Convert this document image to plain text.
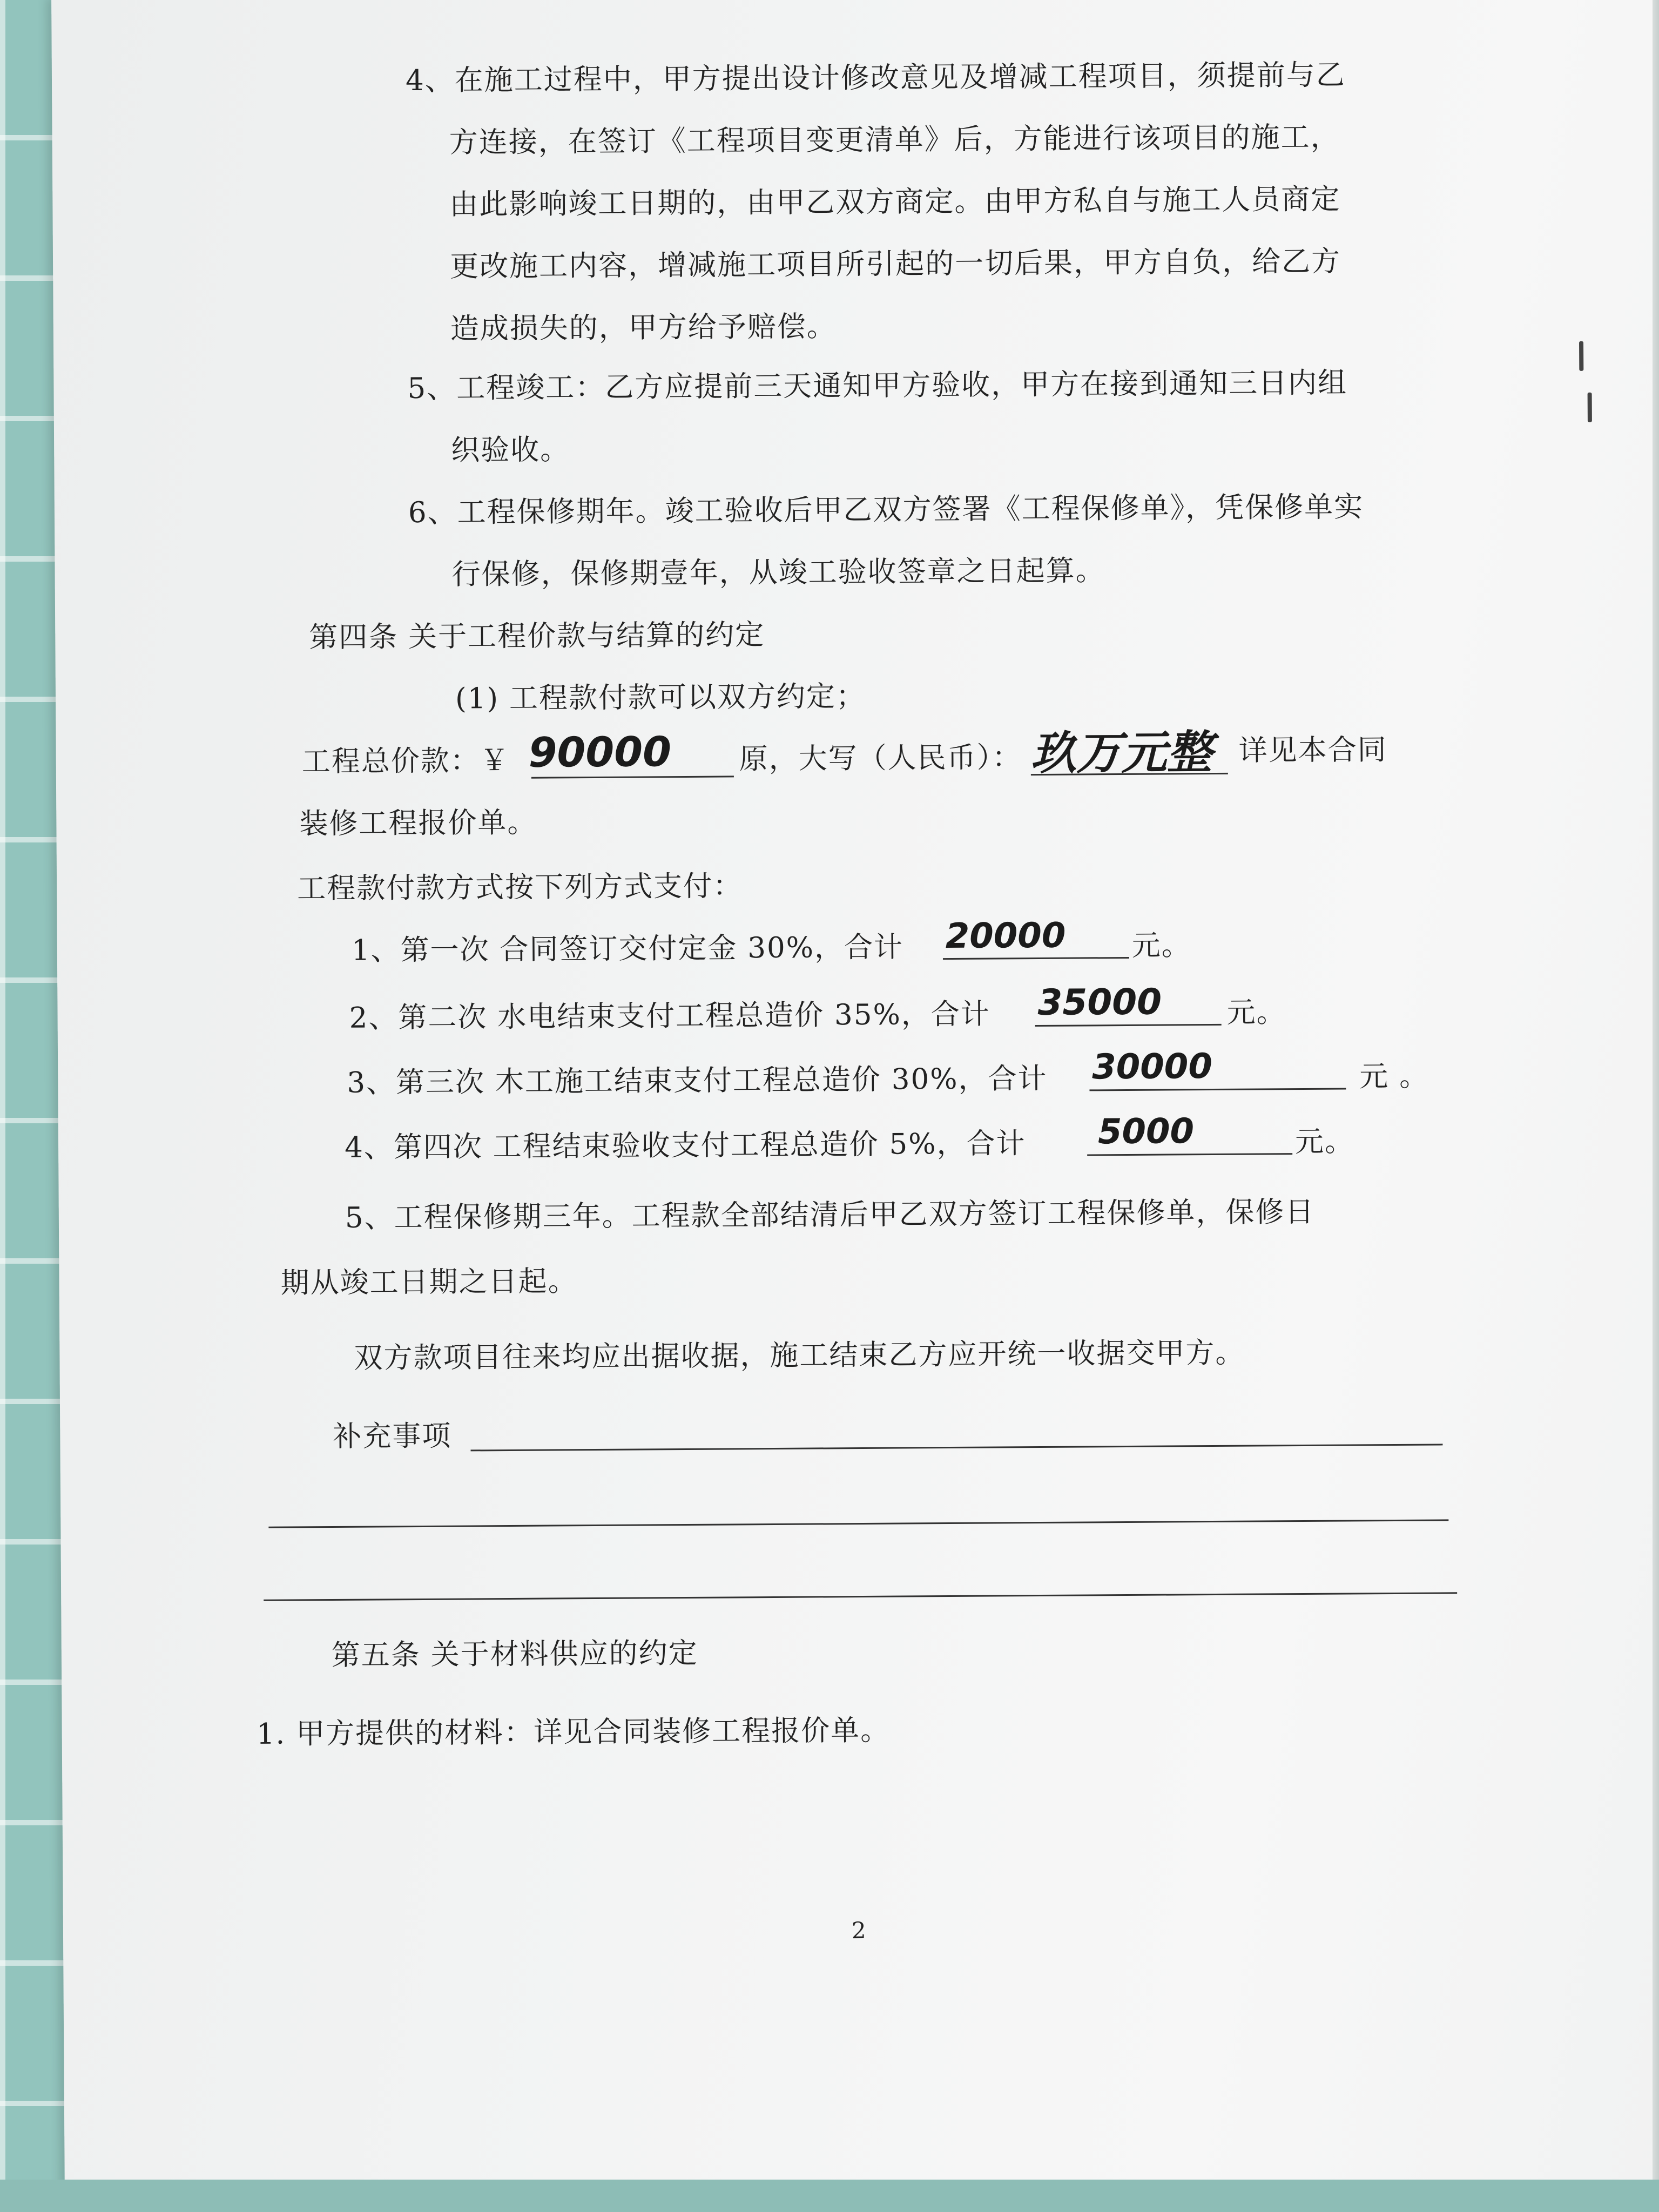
4、在施工过程中，甲方提出设计修改意见及增减工程项目，须提前与乙
方连接，在签订《工程项目变更清单》后，方能进行该项目的施工，
由此影响竣工日期的，由甲乙双方商定。由甲方私自与施工人员商定
更改施工内容，增减施工项目所引起的一切后果，甲方自负，给乙方
造成损失的，甲方给予赔偿。
5、工程竣工：乙方应提前三天通知甲方验收，甲方在接到通知三日内组
织验收。
6、工程保修期年。竣工验收后甲乙双方签署《工程保修单》，凭保修单实
行保修，保修期壹年，从竣工验收签章之日起算。
第四条 关于工程价款与结算的约定
(1) 工程款付款可以双方约定；
工程总价款：￥ 90000 原，大写（人民币）： 玖万元整 详见本合同
装修工程报价单。
工程款付款方式按下列方式支付：
1、第一次 合同签订交付定金 30%，合计 20000 元。
2、第二次 水电结束支付工程总造价 35%，合计 35000 元。
3、第三次 木工施工结束支付工程总造价 30%，合计 30000	元 。
4、第四次 工程结束验收支付工程总造价 5%，合计 5000	元。
5、工程保修期三年。工程款全部结清后甲乙双方签订工程保修单，保修日
期从竣工日期之日起。
双方款项目往来均应出据收据，施工结束乙方应开统一收据交甲方。
补充事项
第五条 关于材料供应的约定
1. 甲方提供的材料：详见合同装修工程报价单。
2
